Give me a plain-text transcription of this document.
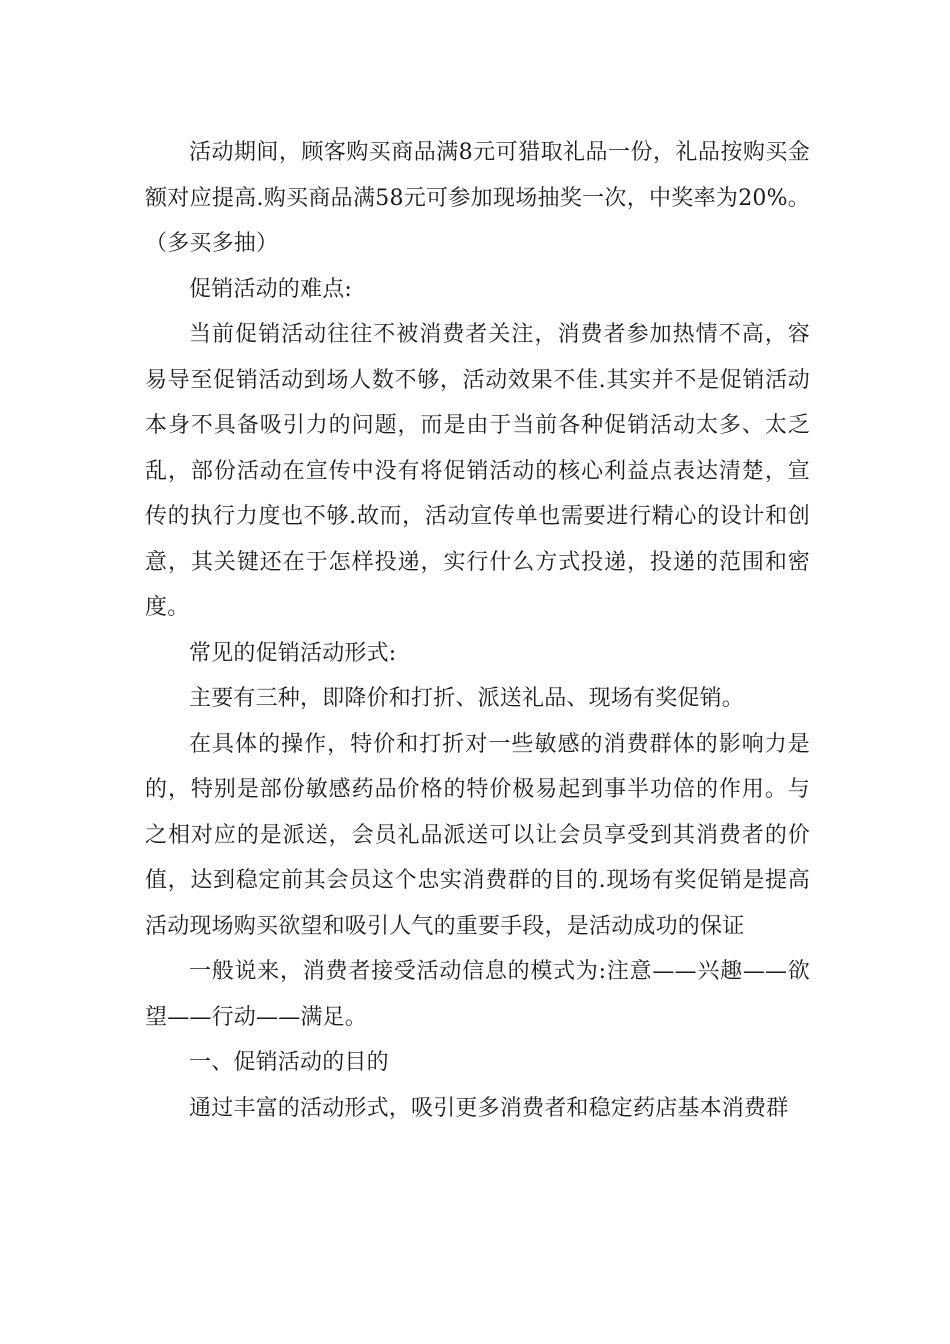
活动期间，顾客购买商品满8元可猎取礼品一份，礼品按购买金额对应提高.购买商品满58元可参加现场抽奖一次，中奖率为20%。（多买多抽）

促销活动的难点:

当前促销活动往往不被消费者关注，消费者参加热情不高，容易导至促销活动到场人数不够，活动效果不佳.其实并不是促销活动本身不具备吸引力的问题，而是由于当前各种促销活动太多、太乏乱，部份活动在宣传中没有将促销活动的核心利益点表达清楚，宣传的执行力度也不够.故而，活动宣传单也需要进行精心的设计和创意，其关键还在于怎样投递，实行什么方式投递，投递的范围和密度。

常见的促销活动形式:

主要有三种，即降价和打折、派送礼品、现场有奖促销。

在具体的操作，特价和打折对一些敏感的消费群体的影响力是的，特别是部份敏感药品价格的特价极易起到事半功倍的作用。与之相对应的是派送，会员礼品派送可以让会员享受到其消费者的价值，达到稳定前其会员这个忠实消费群的目的.现场有奖促销是提高活动现场购买欲望和吸引人气的重要手段，是活动成功的保证

一般说来，消费者接受活动信息的模式为:注意——兴趣——欲望——行动——满足。

一、促销活动的目的

通过丰富的活动形式，吸引更多消费者和稳定药店基本消费群
